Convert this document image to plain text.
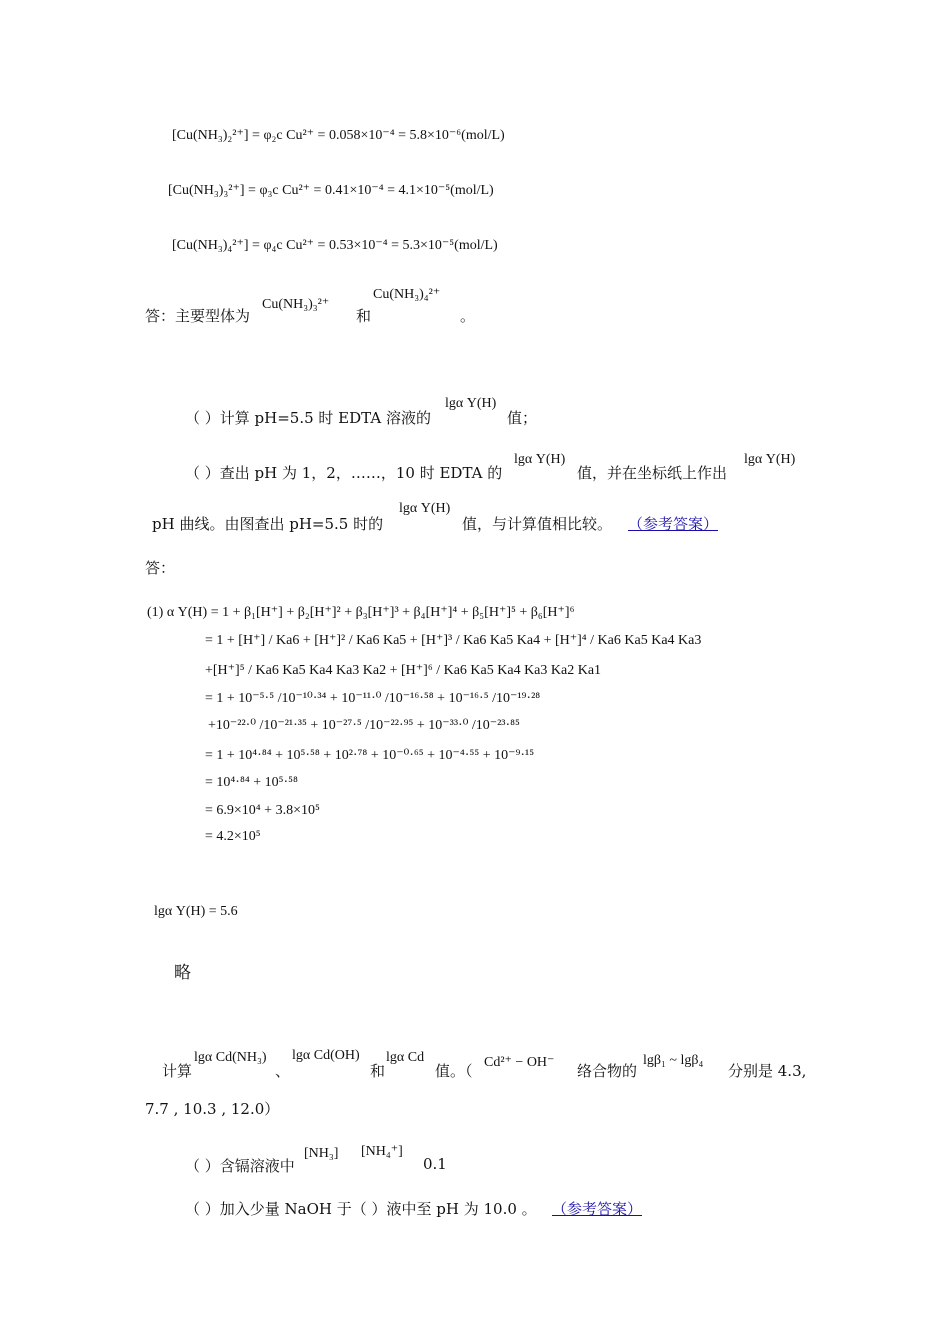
[Cu(NH₃)₂²⁺] = φ₂c Cu²⁺ = 0.058×10⁻⁴ = 5.8×10⁻⁶(mol/L)
[Cu(NH₃)₃²⁺] = φ₃c Cu²⁺ = 0.41×10⁻⁴ = 4.1×10⁻⁵(mol/L)
[Cu(NH₃)₄²⁺] = φ₄c Cu²⁺ = 0.53×10⁻⁴ = 5.3×10⁻⁵(mol/L)
答：主要型体为
Cu(NH₃)₃²⁺
和
Cu(NH₃)₄²⁺
。
（ ）计算 pH=5.5 时 EDTA 溶液的
lgα Y(H)
值；
（ ）查出 pH 为 1，2，……，10 时 EDTA 的
lgα Y(H)
值，并在坐标纸上作出
lgα Y(H)
pH 曲线。由图查出 pH=5.5 时的
lgα Y(H)
值，与计算值相比较。 （参考答案）
答：
(1) α Y(H) = 1 + β₁[H⁺] + β₂[H⁺]² + β₃[H⁺]³ + β₄[H⁺]⁴ + β₅[H⁺]⁵ + β₆[H⁺]⁶
= 1 + [H⁺] / Ka6 + [H⁺]² / Ka6 Ka5 + [H⁺]³ / Ka6 Ka5 Ka4 + [H⁺]⁴ / Ka6 Ka5 Ka4 Ka3
+[H⁺]⁵ / Ka6 Ka5 Ka4 Ka3 Ka2 + [H⁺]⁶ / Ka6 Ka5 Ka4 Ka3 Ka2 Ka1
= 1 + 10⁻⁵·⁵ /10⁻¹⁰·³⁴ + 10⁻¹¹·⁰ /10⁻¹⁶·⁵⁸ + 10⁻¹⁶·⁵ /10⁻¹⁹·²⁸
+10⁻²²·⁰ /10⁻²¹·³⁵ + 10⁻²⁷·⁵ /10⁻²²·⁹⁵ + 10⁻³³·⁰ /10⁻²³·⁸⁵
= 1 + 10⁴·⁸⁴ + 10⁵·⁵⁸ + 10²·⁷⁸ + 10⁻⁰·⁶⁵ + 10⁻⁴·⁵⁵ + 10⁻⁹·¹⁵
= 10⁴·⁸⁴ + 10⁵·⁵⁸
= 6.9×10⁴ + 3.8×10⁵
= 4.2×10⁵
lgα Y(H) = 5.6
略
计算
lgα Cd(NH₃)
、
lgα Cd(OH)
和
lgα Cd
值。（ Cd²⁺ − OH⁻ 络合物的
lgβ₁ ~ lgβ₄
分别是 4.3,
7.7 , 10.3 , 12.0）
（ ）含镉溶液中
[NH₃] [NH₄⁺]
0.1
（ ）加入少量 NaOH 于（ ）液中至 pH 为 10.0 。 （参考答案）
